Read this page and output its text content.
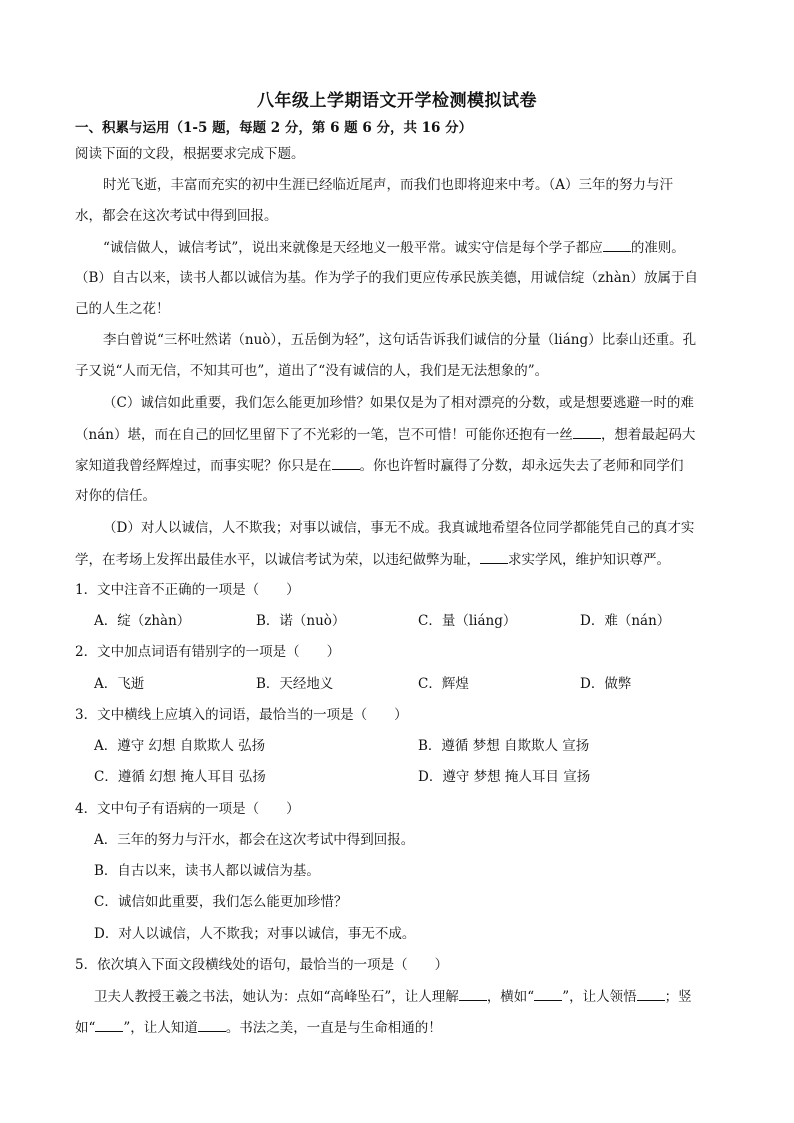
八年级上学期语文开学检测模拟试卷
一、积累与运用（1-5 题，每题 2 分，第 6 题 6 分，共 16 分）
阅读下面的文段，根据要求完成下题。
时光飞逝，丰富而充实的初中生涯已经临近尾声，而我们也即将迎来中考。（A）三年的努力与汗
水，都会在这次考试中得到回报。
“诚信做人，诚信考试”，说出来就像是天经地义一般平常。诚实守信是每个学子都应 的准则。
（B）自古以来，读书人都以诚信为基。作为学子的我们更应传承民族美德，用诚信绽（zhàn）放属于自
己的人生之花！
李白曾说“三杯吐然诺（nuò），五岳倒为轻”，这句话告诉我们诚信的分量（liáng）比泰山还重。孔
子又说“人而无信，不知其可也”，道出了“没有诚信的人，我们是无法想象的”。
（C）诚信如此重要，我们怎么能更加珍惜？如果仅是为了相对漂亮的分数，或是想要逃避一时的难
（nán）堪，而在自己的回忆里留下了不光彩的一笔，岂不可惜！可能你还抱有一丝 ，想着最起码大
家知道我曾经辉煌过，而事实呢？你只是在 。你也许暂时赢得了分数，却永远失去了老师和同学们
对你的信任。
（D）对人以诚信，人不欺我；对事以诚信，事无不成。我真诚地希望各位同学都能凭自己的真才实
学，在考场上发挥出最佳水平，以诚信考试为荣，以违纪做弊为耻， 求实学风，维护知识尊严。
1．文中注音不正确的一项是（　　）
A．绽（zhàn）	B．诺（nuò）	C．量（liáng）	D．难（nán）
2．文中加点词语有错别字的一项是（　　）
A．飞逝	B．天经地义	C．辉煌	D．做弊
3．文中横线上应填入的词语，最恰当的一项是（　　）
A．遵守 幻想 自欺欺人 弘扬	B．遵循 梦想 自欺欺人 宣扬
C．遵循 幻想 掩人耳目 弘扬	D．遵守 梦想 掩人耳目 宣扬
4．文中句子有语病的一项是（　　）
A．三年的努力与汗水，都会在这次考试中得到回报。
B．自古以来，读书人都以诚信为基。
C．诚信如此重要，我们怎么能更加珍惜？
D．对人以诚信，人不欺我；对事以诚信，事无不成。
5．依次填入下面文段横线处的语句，最恰当的一项是（　　）
卫夫人教授王羲之书法，她认为：点如“高峰坠石”，让人理解 ，横如“ ”，让人领悟 ；竖
如“ ”，让人知道 。书法之美，一直是与生命相通的！
